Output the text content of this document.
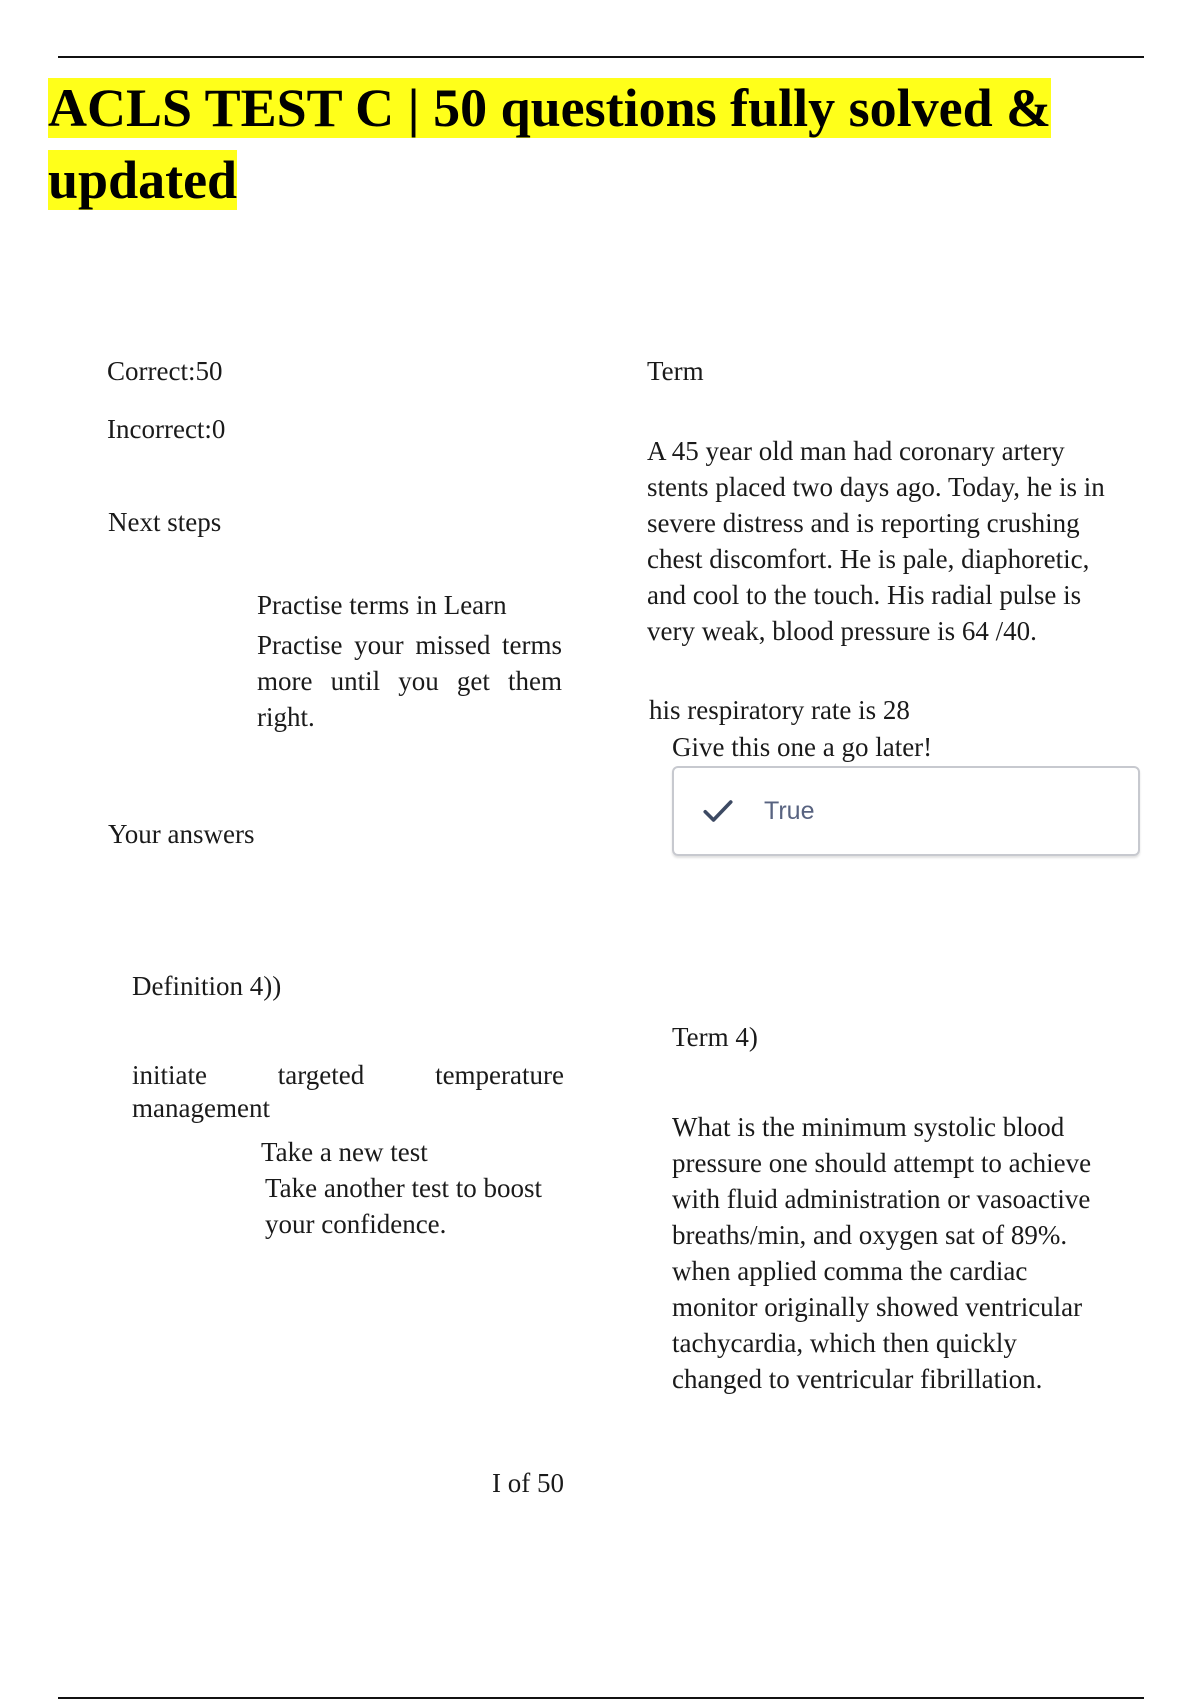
ACLS TEST C | 50 questions fully solved & updated

Correct:50

Incorrect:0

Next steps

Practise terms in Learn

Practise your missed terms more until you get them right.

Your answers

Definition 4))

initiate targeted temperature management

Take a new test

Take another test to boost your confidence.

Term

A 45 year old man had coronary artery stents placed two days ago. Today, he is in severe distress and is reporting crushing chest discomfort. He is pale, diaphoretic, and cool to the touch. His radial pulse is very weak, blood pressure is 64 /40.

his respiratory rate is 28

Give this one a go later!

True

Term 4)

What is the minimum systolic blood pressure one should attempt to achieve with fluid administration or vasoactive breaths/min, and oxygen sat of 89%. when applied comma the cardiac monitor originally showed ventricular tachycardia, which then quickly changed to ventricular fibrillation.

I of 50
